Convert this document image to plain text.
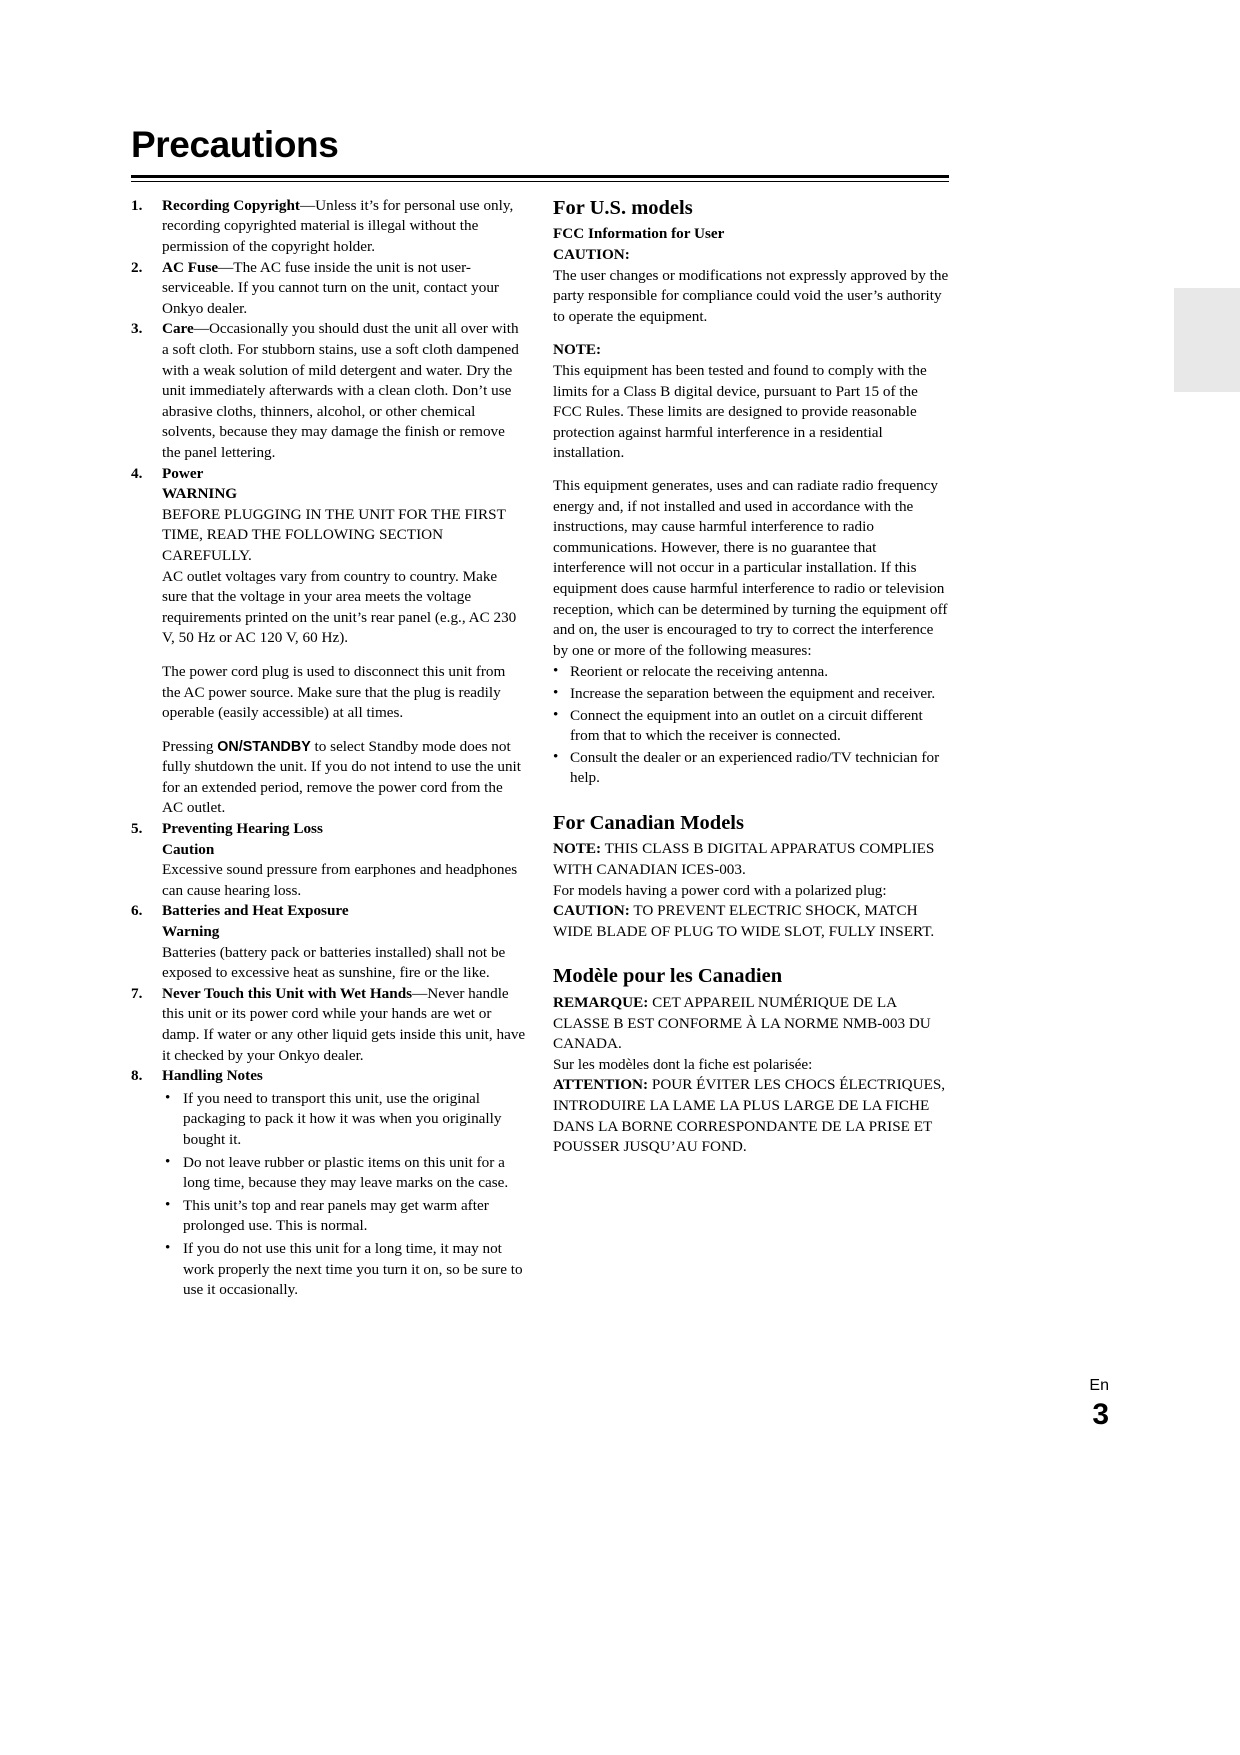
Precautions
1.	Recording Copyright—Unless it’s for personal use only, recording copyrighted material is illegal without the permission of the copyright holder.

2.	AC Fuse—The AC fuse inside the unit is not user-serviceable. If you cannot turn on the unit, contact your Onkyo dealer.

3.	Care—Occasionally you should dust the unit all over with a soft cloth. For stubborn stains, use a soft cloth dampened with a weak solution of mild detergent and water. Dry the unit immediately afterwards with a clean cloth. Don’t use abrasive cloths, thinners, alcohol, or other chemical solvents, because they may damage the finish or remove the panel lettering.

4.	Power
WARNING

BEFORE PLUGGING IN THE UNIT FOR THE FIRST TIME, READ THE FOLLOWING SECTION CAREFULLY.

AC outlet voltages vary from country to country. Make sure that the voltage in your area meets the voltage requirements printed on the unit’s rear panel (e.g., AC 230 V, 50 Hz or AC 120 V, 60 Hz).

The power cord plug is used to disconnect this unit from the AC power source. Make sure that the plug is readily operable (easily accessible) at all times.

Pressing ON/STANDBY to select Standby mode does not fully shutdown the unit. If you do not intend to use the unit for an extended period, remove the power cord from the AC outlet.

5.	Preventing Hearing Loss
Caution

Excessive sound pressure from earphones and headphones can cause hearing loss.

6.	Batteries and Heat Exposure
Warning

Batteries (battery pack or batteries installed) shall not be exposed to excessive heat as sunshine, fire or the like.

7.	Never Touch this Unit with Wet Hands—Never handle this unit or its power cord while your hands are wet or damp. If water or any other liquid gets inside this unit, have it checked by your Onkyo dealer.

8.	Handling Notes
• If you need to transport this unit, use the original packaging to pack it how it was when you originally bought it.
• Do not leave rubber or plastic items on this unit for a long time, because they may leave marks on the case.
• This unit’s top and rear panels may get warm after prolonged use. This is normal.
• If you do not use this unit for a long time, it may not work properly the next time you turn it on, so be sure to use it occasionally.
For U.S. models
FCC Information for User
CAUTION:

The user changes or modifications not expressly approved by the party responsible for compliance could void the user’s authority to operate the equipment.

NOTE:

This equipment has been tested and found to comply with the limits for a Class B digital device, pursuant to Part 15 of the FCC Rules. These limits are designed to provide reasonable protection against harmful interference in a residential installation.

This equipment generates, uses and can radiate radio frequency energy and, if not installed and used in accordance with the instructions, may cause harmful interference to radio communications. However, there is no guarantee that interference will not occur in a particular installation. If this equipment does cause harmful interference to radio or television reception, which can be determined by turning the equipment off and on, the user is encouraged to try to correct the interference by one or more of the following measures:

• Reorient or relocate the receiving antenna.
• Increase the separation between the equipment and receiver.
• Connect the equipment into an outlet on a circuit different from that to which the receiver is connected.
• Consult the dealer or an experienced radio/TV technician for help.
For Canadian Models

NOTE: THIS CLASS B DIGITAL APPARATUS COMPLIES WITH CANADIAN ICES-003.

For models having a power cord with a polarized plug:

CAUTION: TO PREVENT ELECTRIC SHOCK, MATCH WIDE BLADE OF PLUG TO WIDE SLOT, FULLY INSERT.

Modèle pour les Canadien

REMARQUE: CET APPAREIL NUMÉRIQUE DE LA CLASSE B EST CONFORME À LA NORME NMB-003 DU CANADA.

Sur les modèles dont la fiche est polarisée:

ATTENTION: POUR ÉVITER LES CHOCS ÉLECTRIQUES, INTRODUIRE LA LAME LA PLUS LARGE DE LA FICHE DANS LA BORNE CORRESPONDANTE DE LA PRISE ET POUSSER JUSQU’AU FOND.

En
3
